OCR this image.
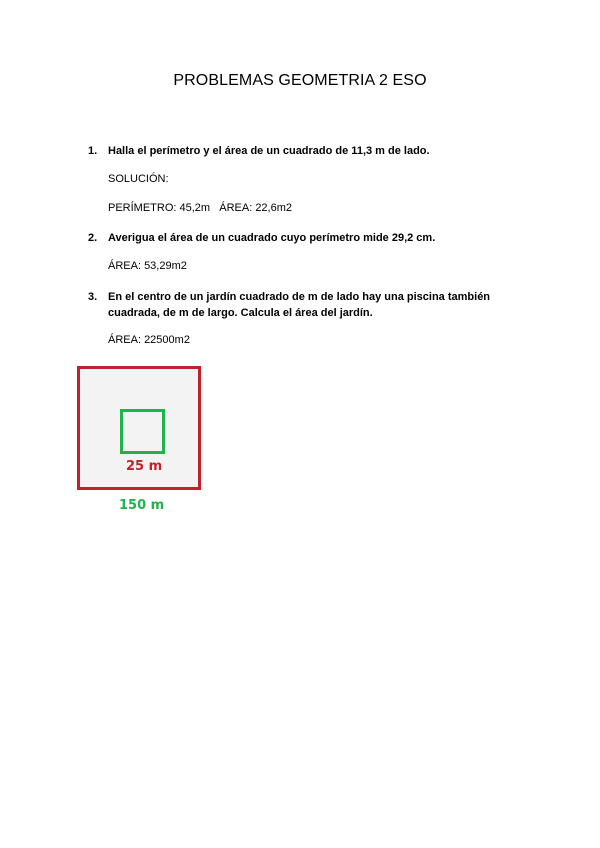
PROBLEMAS GEOMETRIA 2 ESO
1. Halla el perímetro y el área de un cuadrado de 11,3 m de lado.
SOLUCIÓN:
PERÍMETRO: 45,2m   ÁREA: 22,6m2
2. Averigua el área de un cuadrado cuyo perímetro mide 29,2 cm.
ÁREA: 53,29m2
3. En el centro de un jardín cuadrado de m de lado hay una piscina también cuadrada, de m de largo. Calcula el área del jardín.
ÁREA: 22500m2
25 m
150 m
